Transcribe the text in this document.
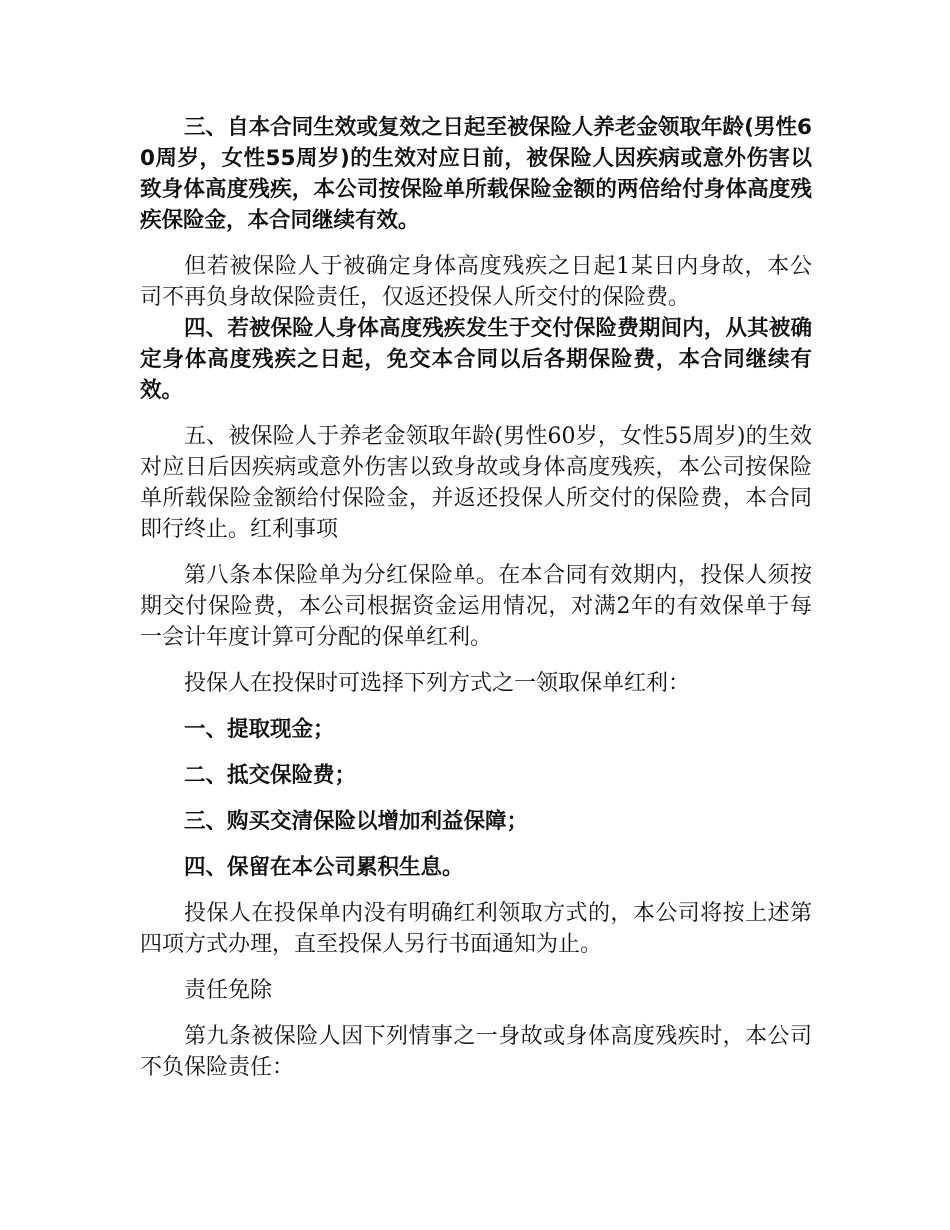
三、自本合同生效或复效之日起至被保险人养老金领取年龄(男性60周岁，女性55周岁)的生效对应日前，被保险人因疾病或意外伤害以致身体高度残疾，本公司按保险单所载保险金额的两倍给付身体高度残疾保险金，本合同继续有效。

但若被保险人于被确定身体高度残疾之日起1某日内身故，本公司不再负身故保险责任，仅返还投保人所交付的保险费。

四、若被保险人身体高度残疾发生于交付保险费期间内，从其被确定身体高度残疾之日起，免交本合同以后各期保险费，本合同继续有效。

五、被保险人于养老金领取年龄(男性60岁，女性55周岁)的生效对应日后因疾病或意外伤害以致身故或身体高度残疾，本公司按保险单所载保险金额给付保险金，并返还投保人所交付的保险费，本合同即行终止。红利事项

第八条本保险单为分红保险单。在本合同有效期内，投保人须按期交付保险费，本公司根据资金运用情况，对满2年的有效保单于每一会计年度计算可分配的保单红利。

投保人在投保时可选择下列方式之一领取保单红利：

一、提取现金；

二、抵交保险费；

三、购买交清保险以增加利益保障；

四、保留在本公司累积生息。

投保人在投保单内没有明确红利领取方式的，本公司将按上述第四项方式办理，直至投保人另行书面通知为止。

责任免除

第九条被保险人因下列情事之一身故或身体高度残疾时，本公司不负保险责任：
